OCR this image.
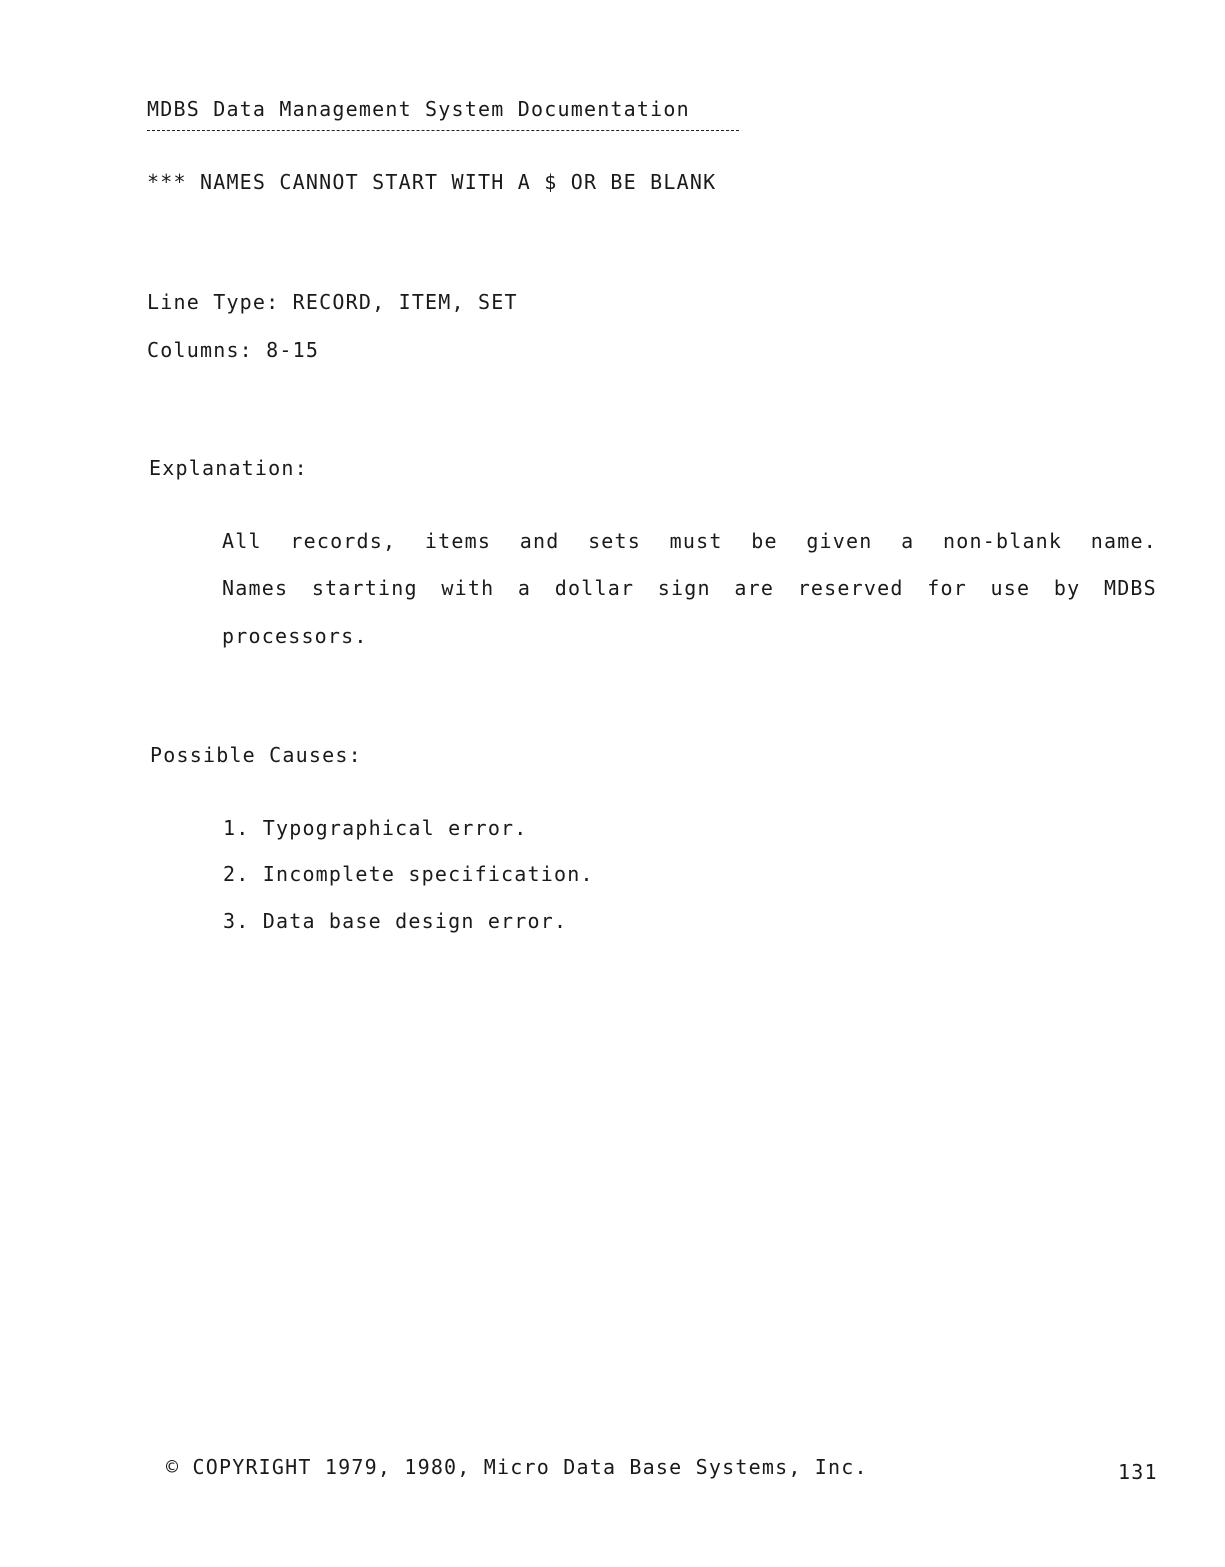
MDBS Data Management System Documentation
*** NAMES CANNOT START WITH A $ OR BE BLANK
Line Type: RECORD, ITEM, SET
Columns: 8-15
Explanation:
All records, items and sets must be given a non-blank name.
Names starting with a dollar sign are reserved for use by MDBS
processors.
Possible Causes:
1. Typographical error.
2. Incomplete specification.
3. Data base design error.
© COPYRIGHT 1979, 1980, Micro Data Base Systems, Inc.	131
